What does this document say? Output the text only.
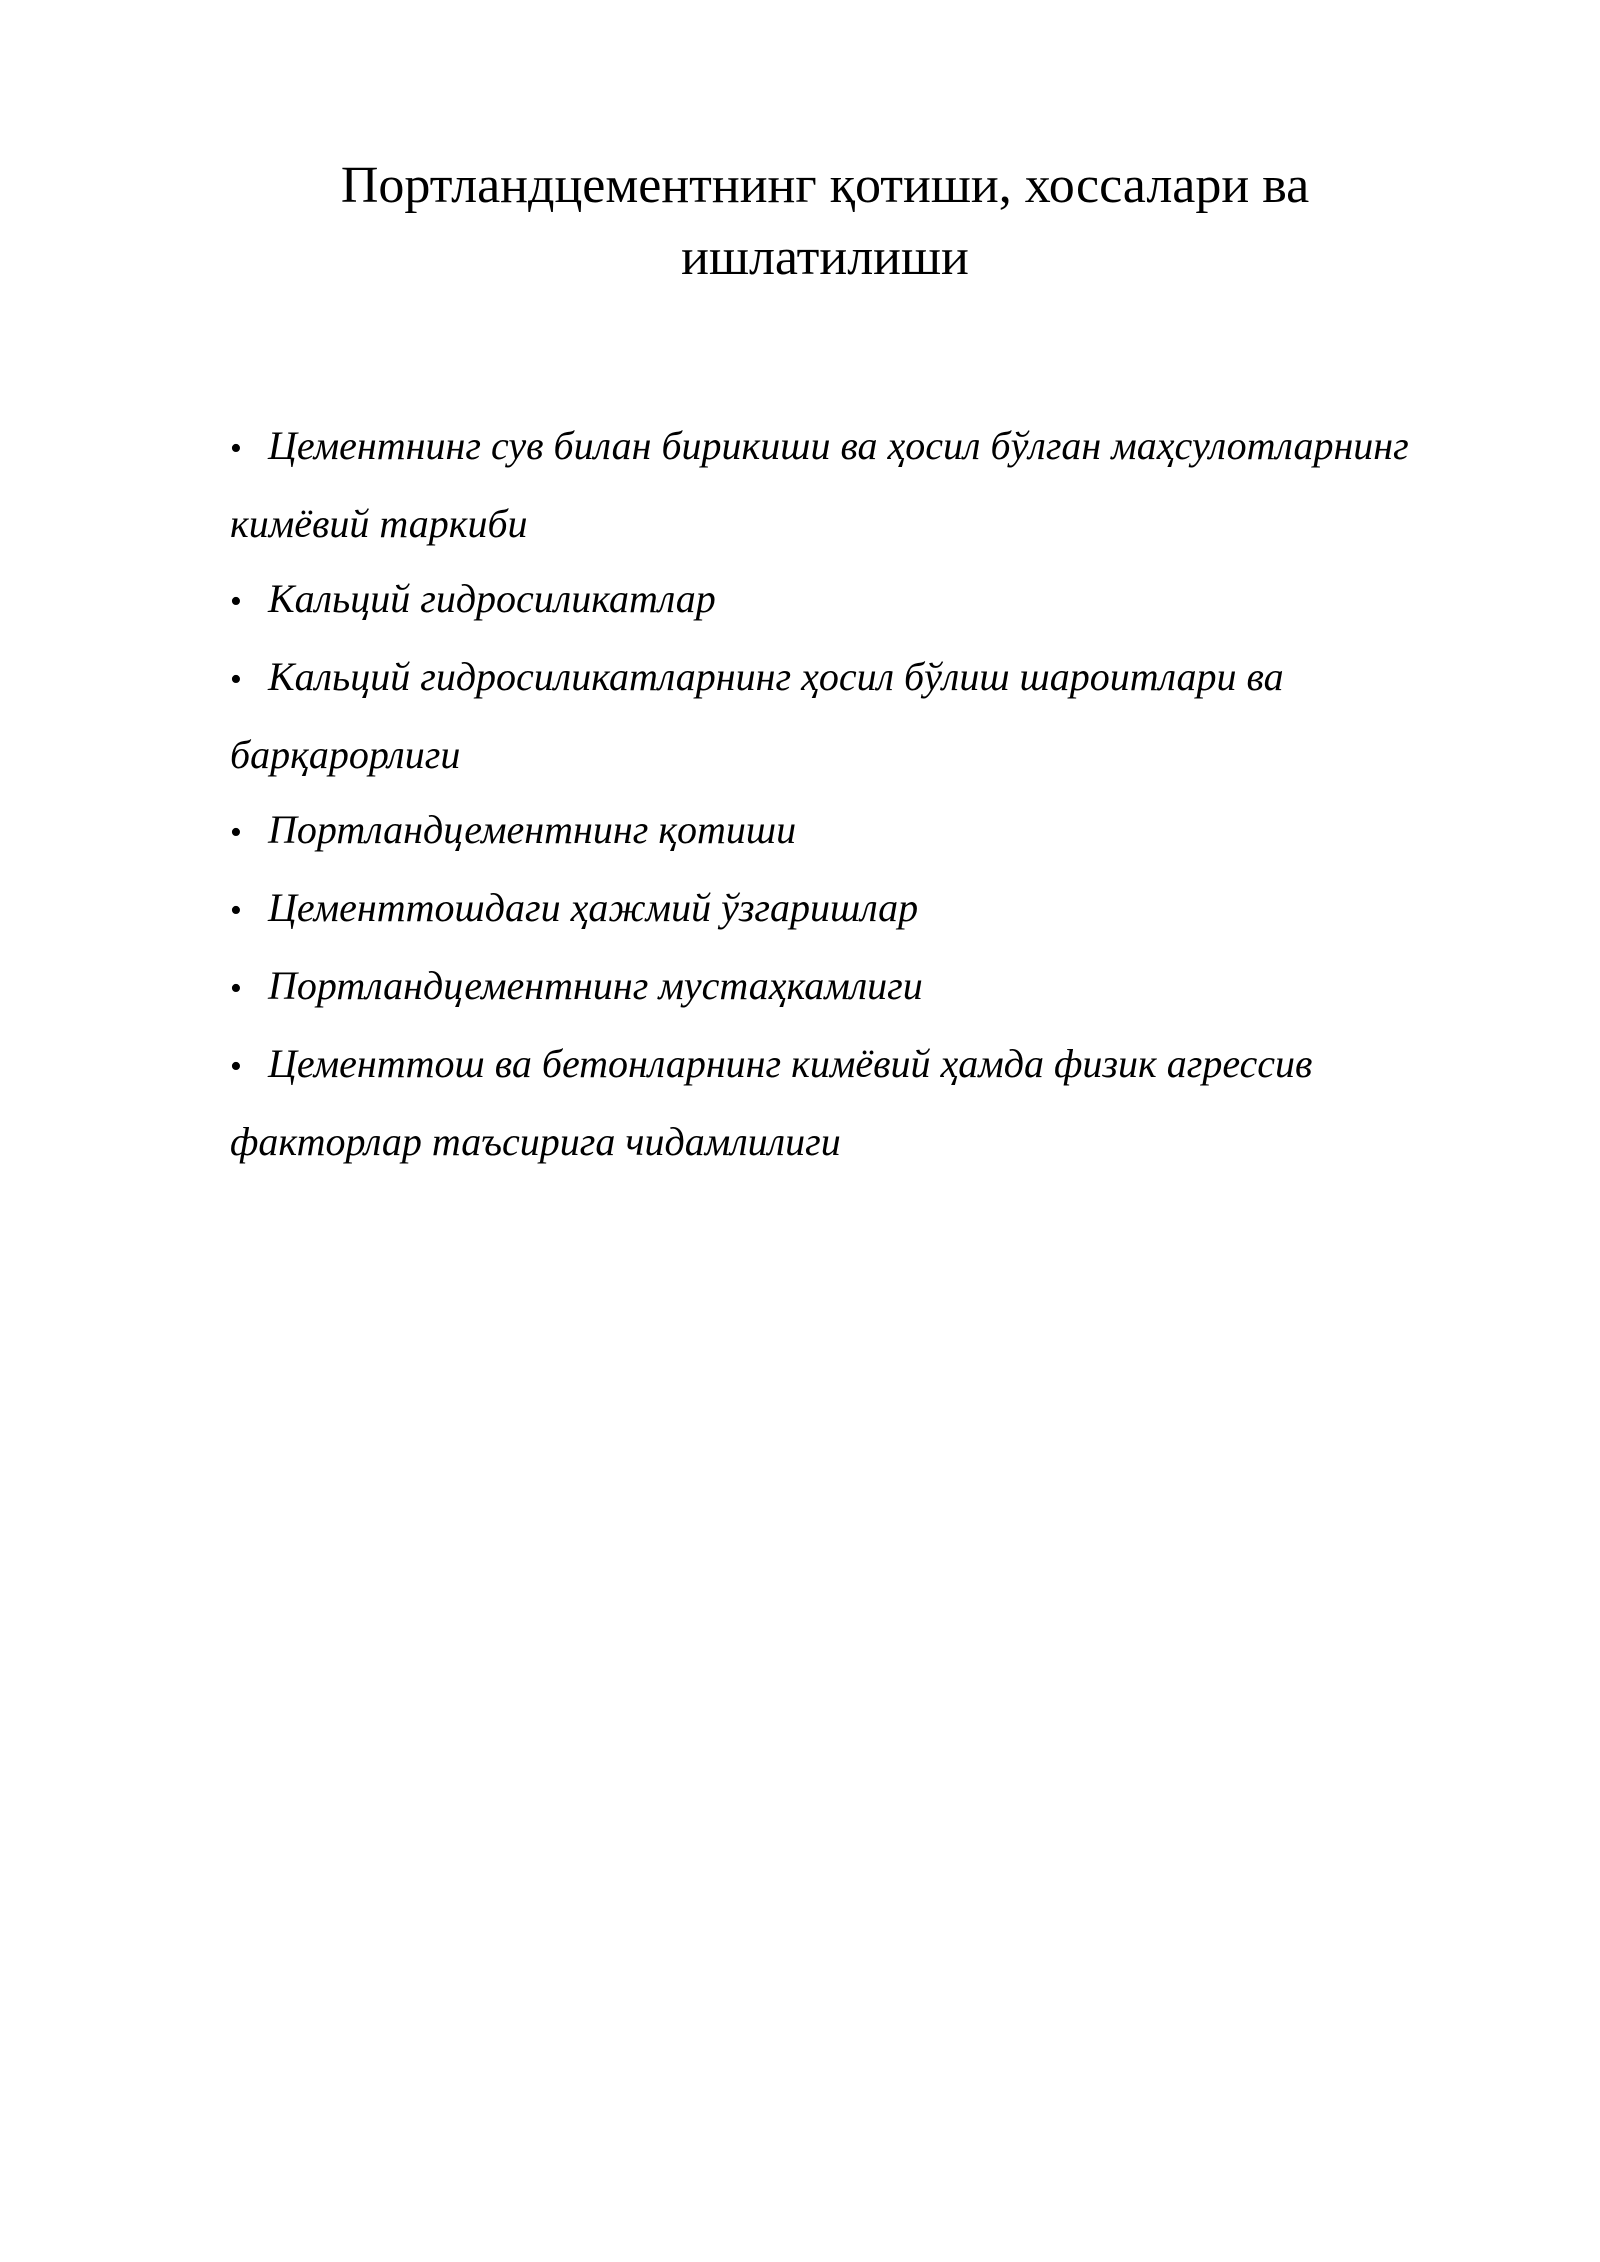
Портландцементнинг қотиши, хоссалари ва ишлатилиши
• Цементнинг сув билан бирикиши ва ҳосил бўлган маҳсулотларнинг кимёвий таркиби
• Кальций гидросиликатлар
• Кальций гидросиликатларнинг ҳосил бўлиш шароитлари ва барқарорлиги
• Портландцементнинг қотиши
• Цементтошдаги ҳажмий ўзгаришлар
• Портландцементнинг мустаҳкамлиги
• Цементтош ва бетонларнинг кимёвий ҳамда физик агрессив факторлар таъсирига чидамлилиги
